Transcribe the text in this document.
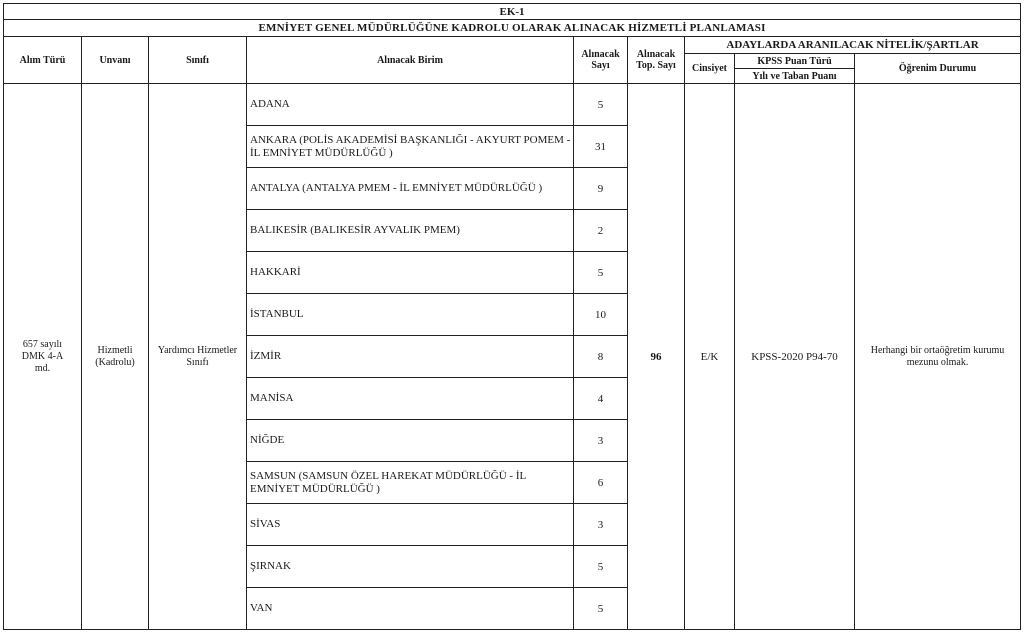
EK-1								
EMNİYET GENEL MÜDÜRLÜĞÜNE KADROLU OLARAK ALINACAK HİZMETLİ PLANLAMASI								
Alım Türü	Unvanı	Sınıfı	Alınacak Birim	Alınacak Sayı	Alınacak Top. Sayı	ADAYLARDA ARANILACAK NİTELİK/ŞARTLAR		
						Cinsiyet	KPSS Puan Türü	Öğrenim Durumu
							Yılı ve Taban Puanı	
657 sayılı DMK 4-A md.	Hizmetli (Kadrolu)	Yardımcı Hizmetler Sınıfı	ADANA	5	96	E/K	KPSS-2020 P94-70	Herhangi bir ortaöğretim kurumu mezunu olmak.
			ANKARA (POLİS AKADEMİSİ BAŞKANLIĞI - AKYURT POMEM - İL EMNİYET MÜDÜRLÜĞÜ )	31				
			ANTALYA (ANTALYA PMEM - İL EMNİYET MÜDÜRLÜĞÜ )	9				
			BALIKESİR (BALIKESİR AYVALIK PMEM)	2				
			HAKKARİ	5				
			İSTANBUL	10				
			İZMİR	8				
			MANİSA	4				
			NİĞDE	3				
			SAMSUN (SAMSUN ÖZEL HAREKAT MÜDÜRLÜĞÜ - İL EMNİYET MÜDÜRLÜĞÜ )	6				
			SİVAS	3				
			ŞIRNAK	5				
			VAN	5				
